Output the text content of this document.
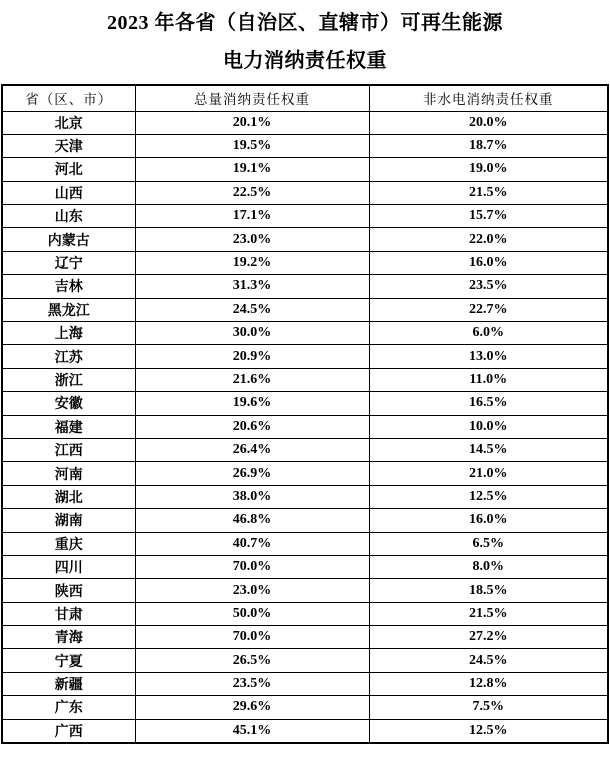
2023 年各省（自治区、直辖市）可再生能源
电力消纳责任权重
省（区、市）	总量消纳责任权重	非水电消纳责任权重
北京	20.1%	20.0%
天津	19.5%	18.7%
河北	19.1%	19.0%
山西	22.5%	21.5%
山东	17.1%	15.7%
内蒙古	23.0%	22.0%
辽宁	19.2%	16.0%
吉林	31.3%	23.5%
黑龙江	24.5%	22.7%
上海	30.0%	6.0%
江苏	20.9%	13.0%
浙江	21.6%	11.0%
安徽	19.6%	16.5%
福建	20.6%	10.0%
江西	26.4%	14.5%
河南	26.9%	21.0%
湖北	38.0%	12.5%
湖南	46.8%	16.0%
重庆	40.7%	6.5%
四川	70.0%	8.0%
陕西	23.0%	18.5%
甘肃	50.0%	21.5%
青海	70.0%	27.2%
宁夏	26.5%	24.5%
新疆	23.5%	12.8%
广东	29.6%	7.5%
广西	45.1%	12.5%
